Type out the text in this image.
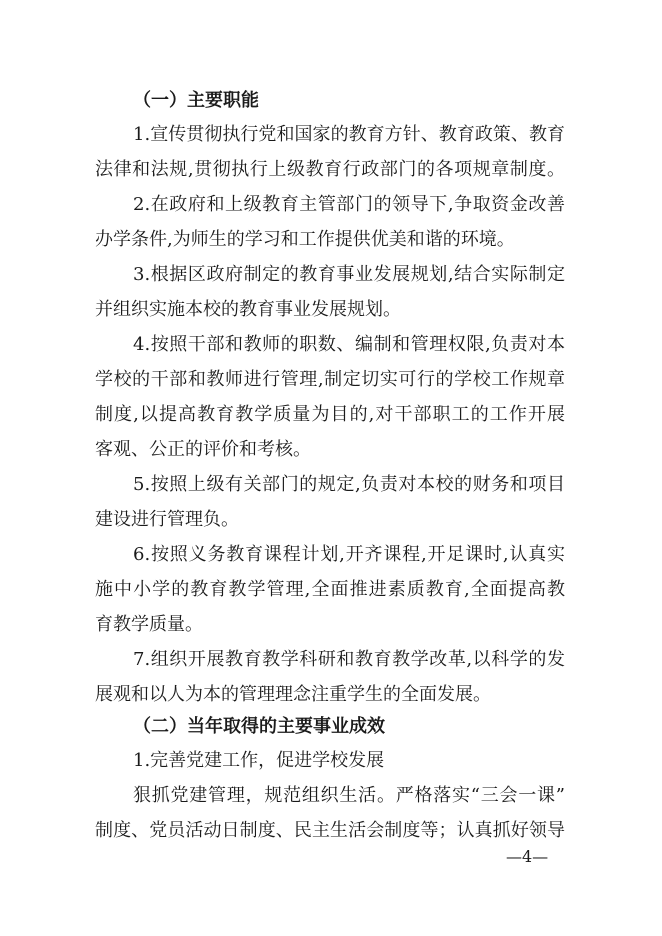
（一）主要职能
1.宣传贯彻执行党和国家的教育方针、教育政策、教育
法律和法规,贯彻执行上级教育行政部门的各项规章制度。
2.在政府和上级教育主管部门的领导下,争取资金改善
办学条件,为师生的学习和工作提供优美和谐的环境。
3.根据区政府制定的教育事业发展规划,结合实际制定
并组织实施本校的教育事业发展规划。
4.按照干部和教师的职数、编制和管理权限,负责对本
学校的干部和教师进行管理,制定切实可行的学校工作规章
制度,以提高教育教学质量为目的,对干部职工的工作开展
客观、公正的评价和考核。
5.按照上级有关部门的规定,负责对本校的财务和项目
建设进行管理负。
6.按照义务教育课程计划,开齐课程,开足课时,认真实
施中小学的教育教学管理,全面推进素质教育,全面提高教
育教学质量。
7.组织开展教育教学科研和教育教学改革,以科学的发
展观和以人为本的管理理念注重学生的全面发展。
（二）当年取得的主要事业成效
1.完善党建工作，促进学校发展
狠抓党建管理，规范组织生活。严格落实“三会一课”
制度、党员活动日制度、民主生活会制度等；认真抓好领导
—4—
